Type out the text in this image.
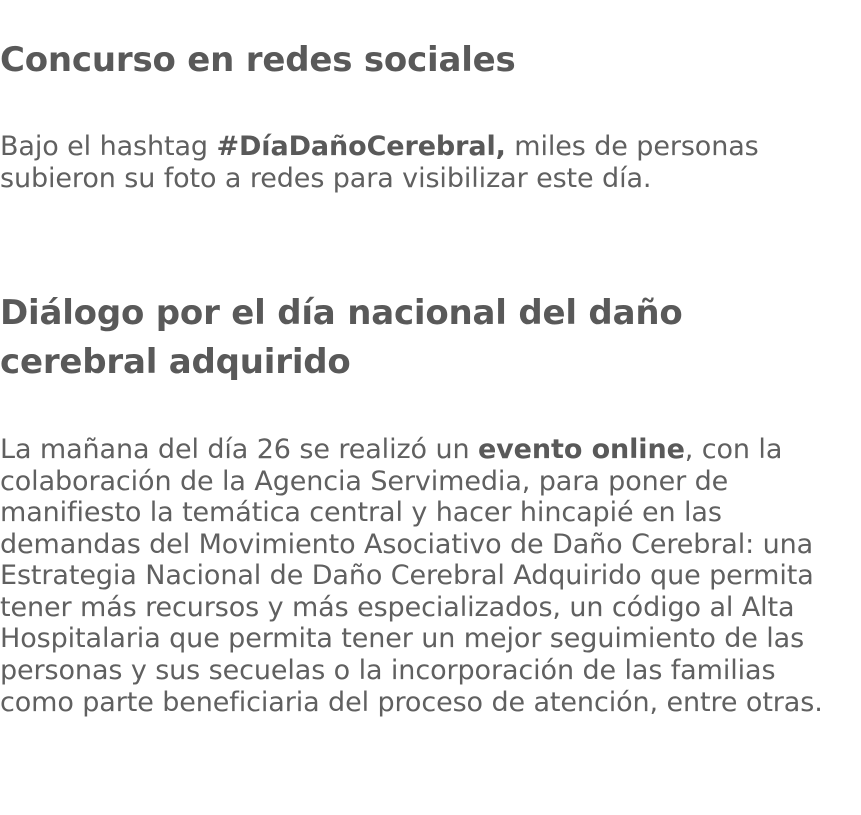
Concurso en redes sociales

Bajo el hashtag #DíaDañoCerebral, miles de personas subieron su foto a redes para visibilizar este día.

Diálogo por el día nacional del daño cerebral adquirido

La mañana del día 26 se realizó un evento online, con la colaboración de la Agencia Servimedia, para poner de manifiesto la temática central y hacer hincapié en las demandas del Movimiento Asociativo de Daño Cerebral: una Estrategia Nacional de Daño Cerebral Adquirido que permita tener más recursos y más especializados, un código al Alta Hospitalaria que permita tener un mejor seguimiento de las personas y sus secuelas o la incorporación de las familias como parte beneficiaria del proceso de atención, entre otras.
